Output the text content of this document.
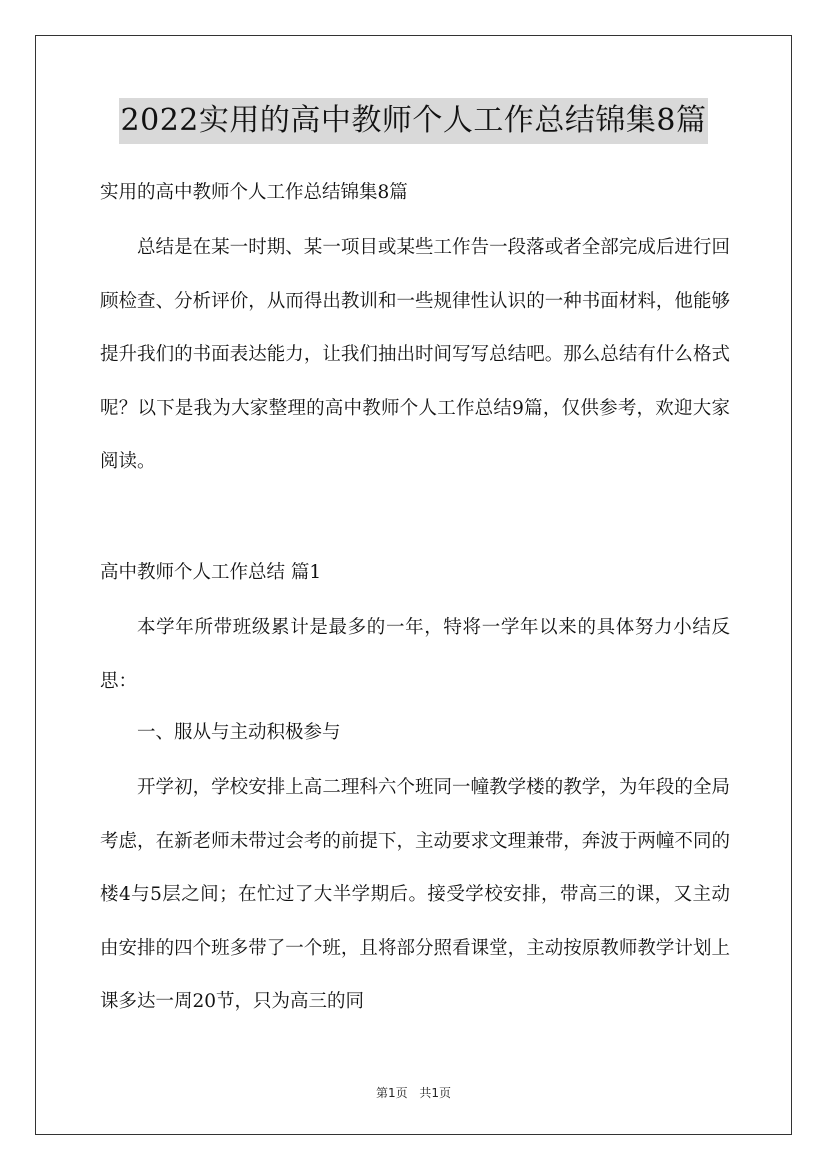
2022实用的高中教师个人工作总结锦集8篇
实用的高中教师个人工作总结锦集8篇
总结是在某一时期、某一项目或某些工作告一段落或者全部完成后进行回顾检查、分析评价，从而得出教训和一些规律性认识的一种书面材料，他能够提升我们的书面表达能力，让我们抽出时间写写总结吧。那么总结有什么格式呢？以下是我为大家整理的高中教师个人工作总结9篇，仅供参考，欢迎大家阅读。
高中教师个人工作总结 篇1
本学年所带班级累计是最多的一年，特将一学年以来的具体努力小结反思：
一、服从与主动积极参与
开学初，学校安排上高二理科六个班同一幢教学楼的教学，为年段的全局考虑，在新老师未带过会考的前提下，主动要求文理兼带，奔波于两幢不同的楼4与5层之间；在忙过了大半学期后。接受学校安排，带高三的课，又主动由安排的四个班多带了一个班，且将部分照看课堂，主动按原教师教学计划上课多达一周20节，只为高三的同
第1页 共1页
